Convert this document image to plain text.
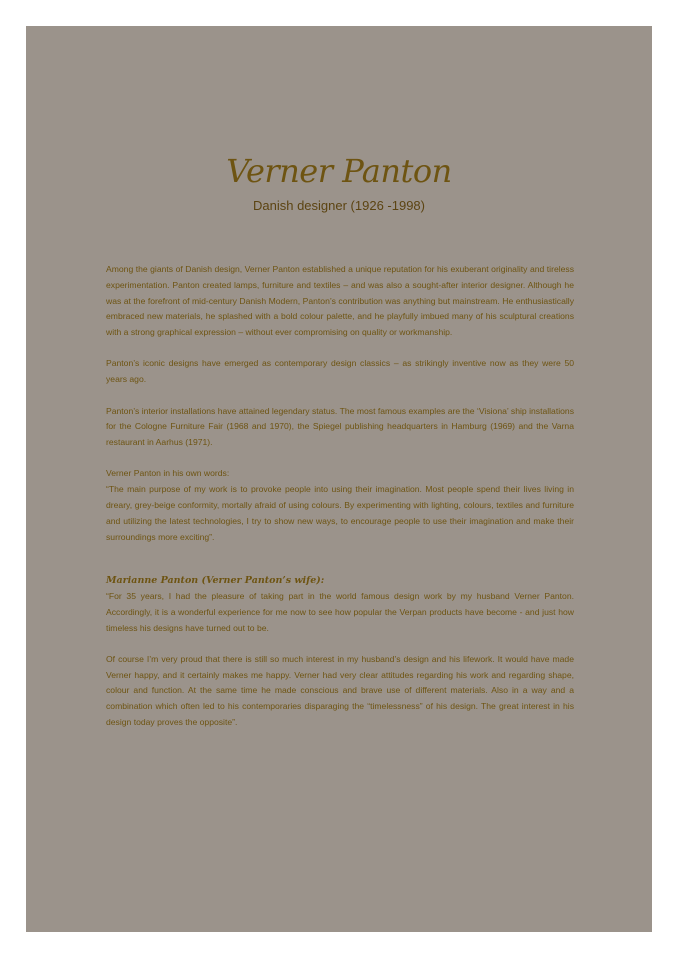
Verner Panton
Danish designer (1926 -1998)

Among the giants of Danish design, Verner Panton established a unique reputation for his exuberant originality and tireless experimentation. Panton created lamps, furniture and textiles – and was also a sought-after interior designer. Although he was at the forefront of mid-century Danish Modern, Panton’s contribution was anything but mainstream. He enthusiastically embraced new materials, he splashed with a bold colour palette, and he playfully imbued many of his sculptural creations with a strong graphical expression – without ever compromising on quality or workmanship.

Panton’s iconic designs have emerged as contemporary design classics – as strikingly inventive now as they were 50 years ago.

Panton’s interior installations have attained legendary status. The most famous examples are the ‘Visiona’ ship installations for the Cologne Furniture Fair (1968 and 1970), the Spiegel publishing headquarters in Hamburg (1969) and the Varna restaurant in Aarhus (1971).

Verner Panton in his own words:

“The main purpose of my work is to provoke people into using their imagination. Most people spend their lives living in dreary, grey-beige conformity, mortally afraid of using colours. By experimenting with lighting, colours, textiles and furniture and utilizing the latest technologies, I try to show new ways, to encourage people to use their imagination and make their surroundings more exciting”.

Marianne Panton (Verner Panton’s wife):

“For 35 years, I had the pleasure of taking part in the world famous design work by my husband Verner Panton. Accordingly, it is a wonderful experience for me now to see how popular the Verpan products have become - and just how timeless his designs have turned out to be.

Of course I’m very proud that there is still so much interest in my husband’s design and his lifework. It would have made Verner happy, and it certainly makes me happy. Verner had very clear attitudes regarding his work and regarding shape, colour and function. At the same time he made conscious and brave use of different materials. Also in a way and a combination which often led to his contemporaries disparaging the “timelessness” of his design. The great interest in his design today proves the opposite”.
